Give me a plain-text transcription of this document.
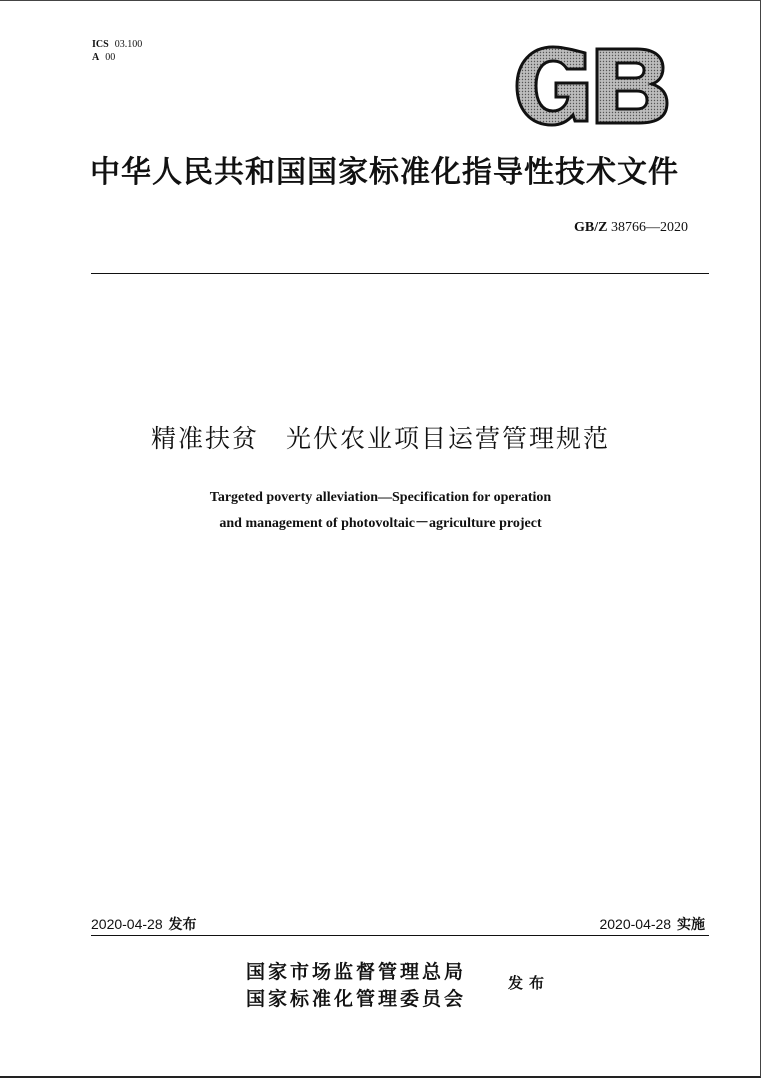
ICS 03.100
A 00
中华人民共和国国家标准化指导性技术文件
GB/Z 38766—2020
精准扶贫　光伏农业项目运营管理规范
Targeted poverty alleviation—Specification for operation
and management of photovoltaic－agriculture project
2020-04-28 发布	2020-04-28 实施
国家市场监督管理总局
国家标准化管理委员会
发布
